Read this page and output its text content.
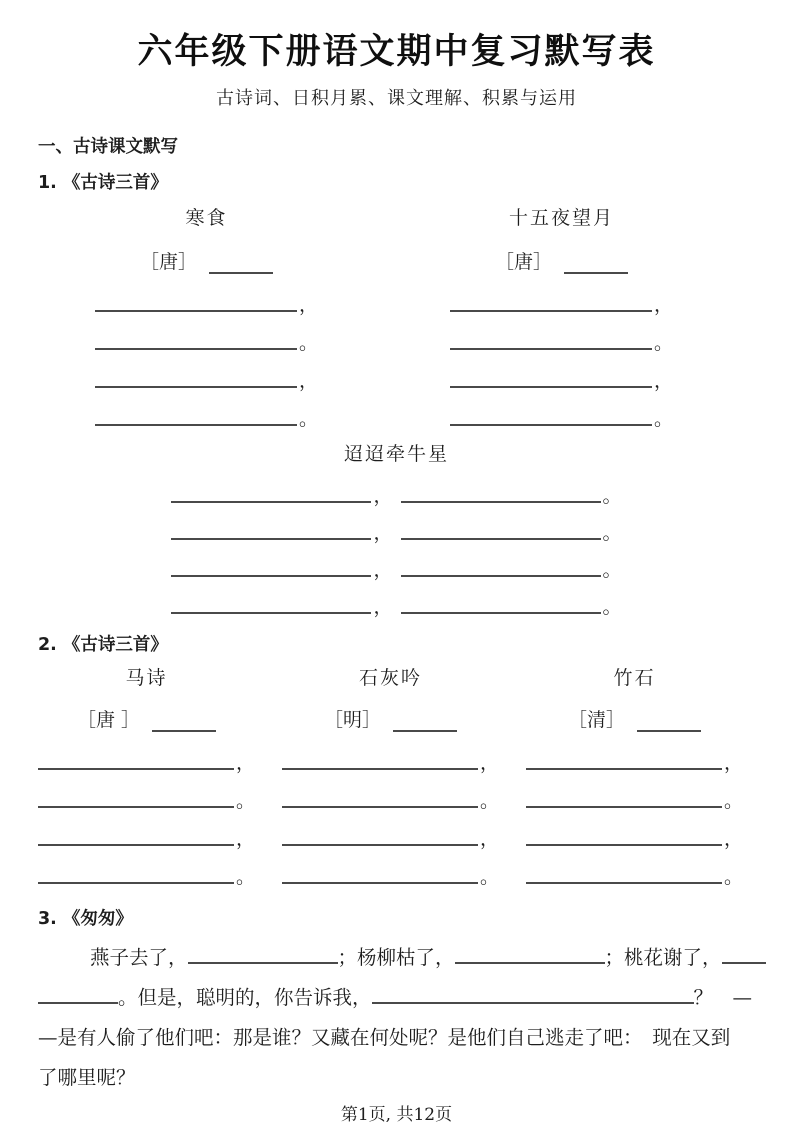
六年级下册语文期中复习默写表
古诗词、日积月累、课文理解、积累与运用
一、古诗课文默写
1. 《古诗三首》
寒食
［唐］
，
。
，
。
十五夜望月
［唐］
，
。
，
。
迢迢牵牛星
，	。
，	。
，	。
，	。
2. 《古诗三首》
马诗
［唐 ］
，
。
，
。
石灰吟
［明］
，
。
，
。
竹石
［清］
，
。
，
。
3. 《匆匆》
燕子去了，	；杨柳枯了，	；桃花谢了，
。但是，聪明的，你告诉我，	？　—
—是有人偷了他们吧：那是谁？又藏在何处呢？是他们自己逃走了吧：　现在又到
了哪里呢？
第1页, 共12页
